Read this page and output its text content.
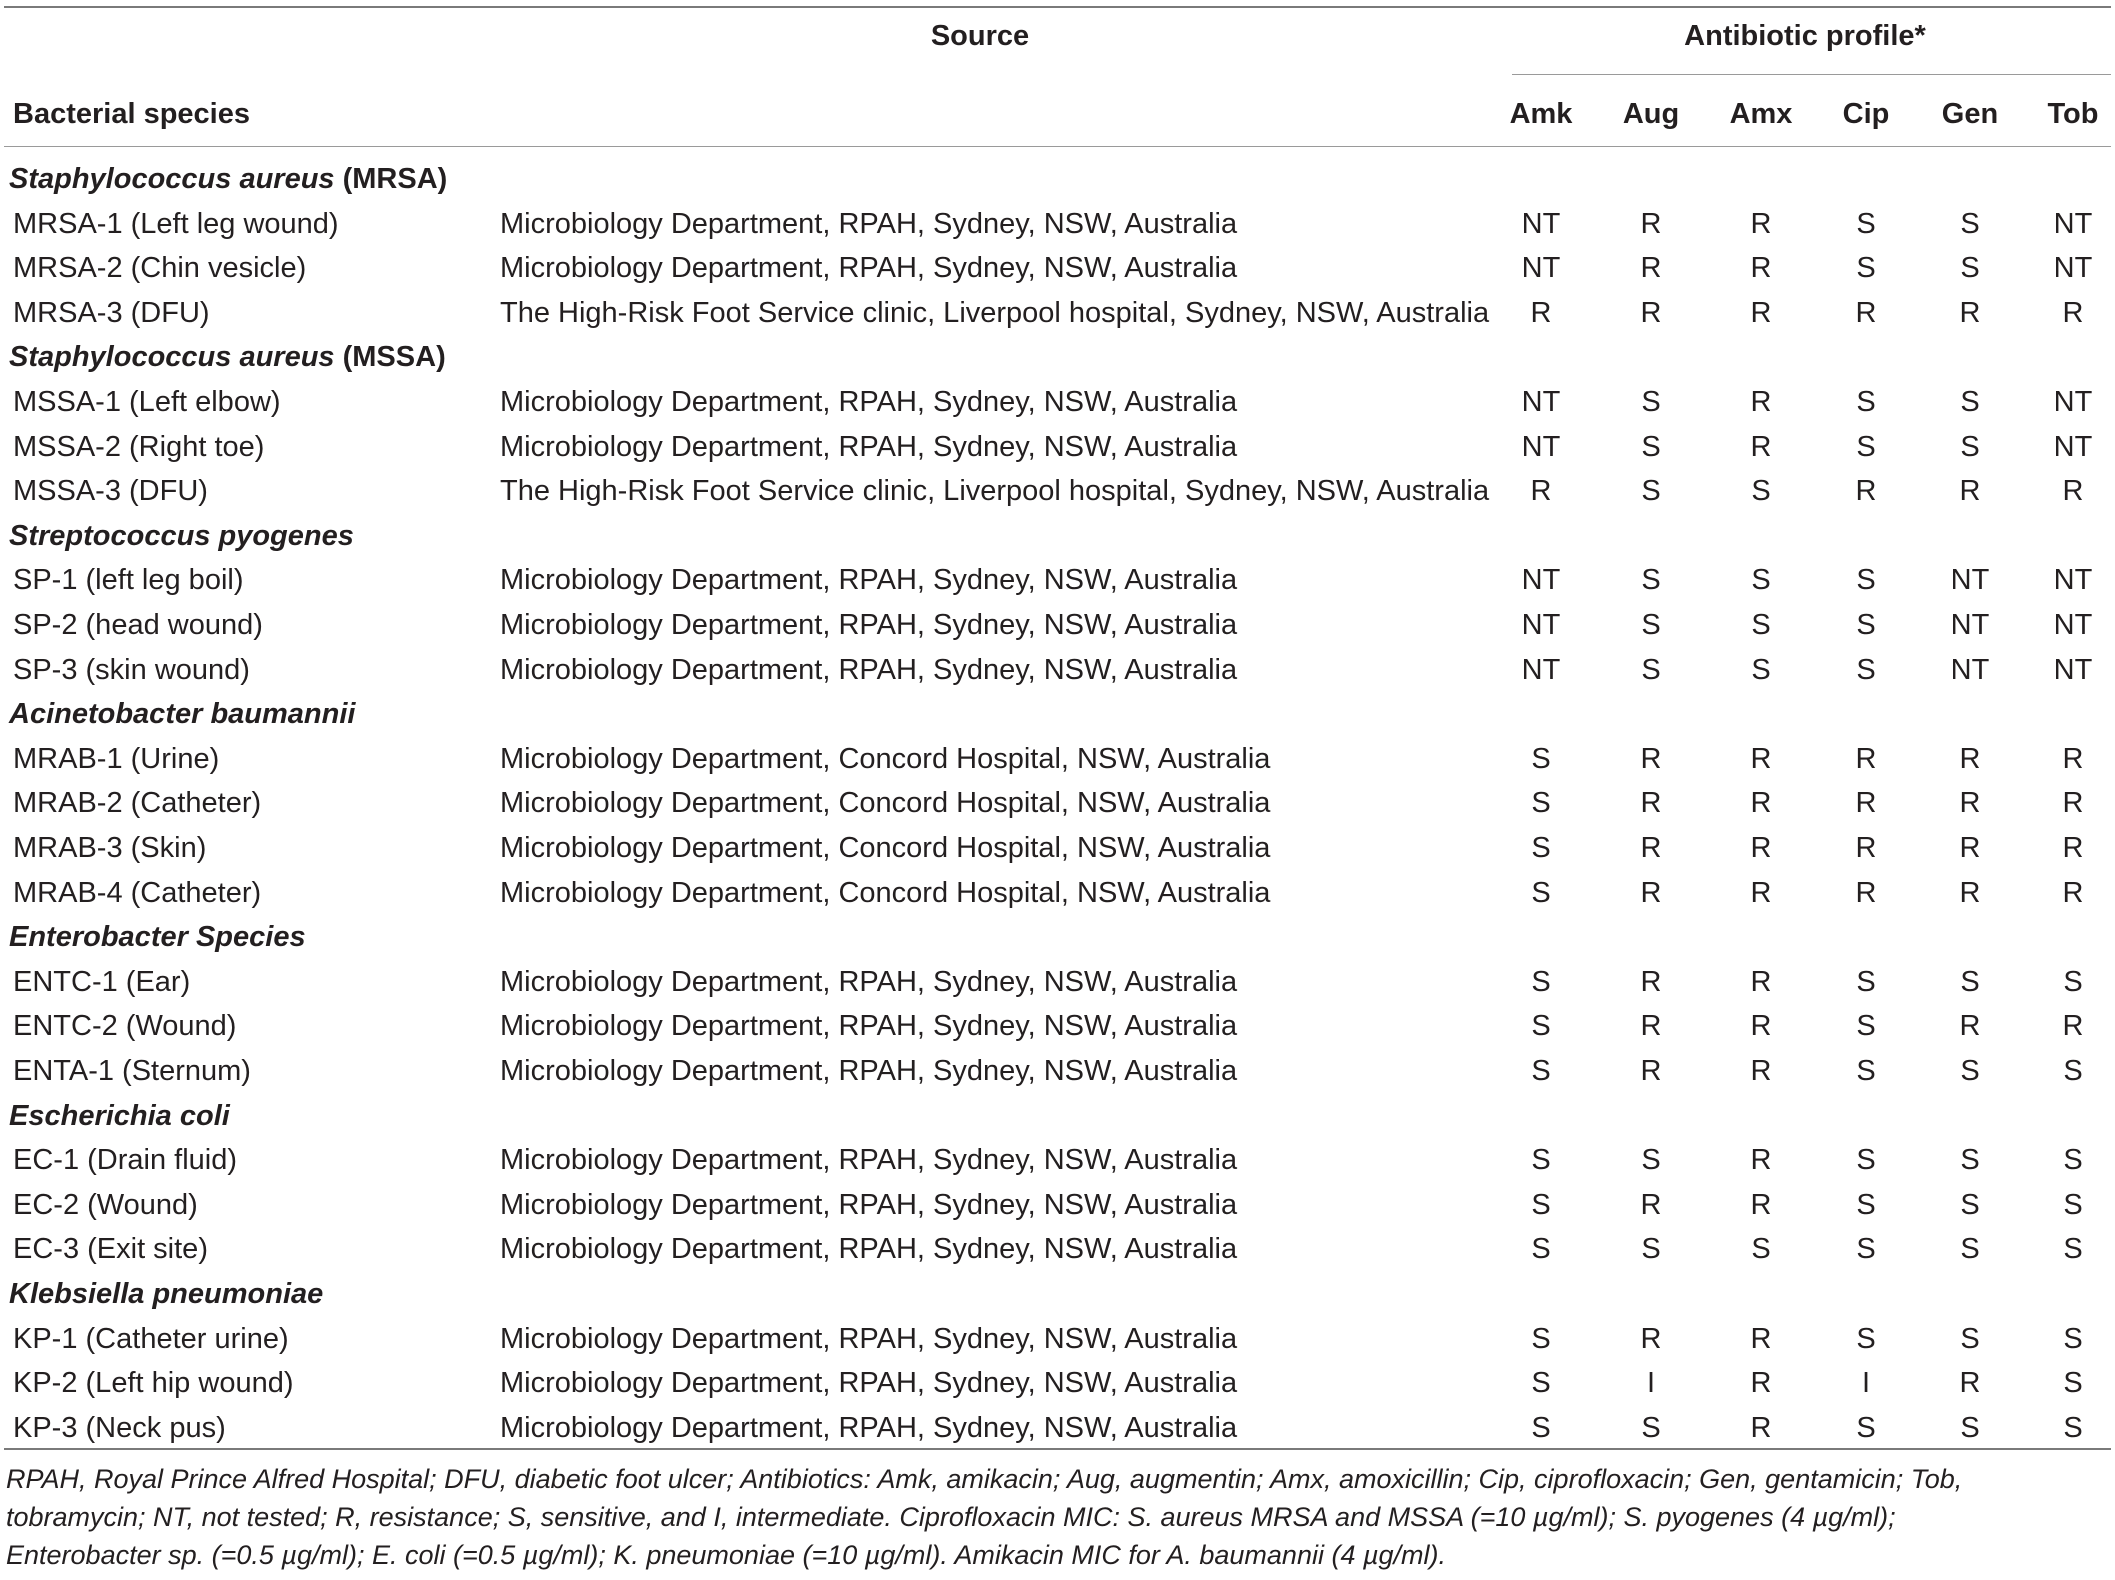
Source	Antibiotic profile*
Bacterial species	Amk Aug Amx Cip Gen Tob
Staphylococcus aureus (MRSA)
MRSA-1 (Left leg wound)	Microbiology Department, RPAH, Sydney, NSW, Australia	NT	R	R	S	S	NT
MRSA-2 (Chin vesicle)	Microbiology Department, RPAH, Sydney, NSW, Australia	NT	R	R	S	S	NT
MRSA-3 (DFU)	The High-Risk Foot Service clinic, Liverpool hospital, Sydney, NSW, Australia R	R	R	R	R	R
Staphylococcus aureus (MSSA)
MSSA-1 (Left elbow)	Microbiology Department, RPAH, Sydney, NSW, Australia	NT	S	R	S	S	NT
MSSA-2 (Right toe)	Microbiology Department, RPAH, Sydney, NSW, Australia	NT	S	R	S	S	NT
MSSA-3 (DFU)	The High-Risk Foot Service clinic, Liverpool hospital, Sydney, NSW, Australia R	S	S	R	R	R
Streptococcus pyogenes
SP-1 (left leg boil)	Microbiology Department, RPAH, Sydney, NSW, Australia	NT	S	S	S	NT NT
SP-2 (head wound)	Microbiology Department, RPAH, Sydney, NSW, Australia	NT	S	S	S	NT NT
SP-3 (skin wound)	Microbiology Department, RPAH, Sydney, NSW, Australia	NT	S	S	S	NT NT
Acinetobacter baumannii
MRAB-1 (Urine)	Microbiology Department, Concord Hospital, NSW, Australia	S	R	R	R	R	R
MRAB-2 (Catheter)	Microbiology Department, Concord Hospital, NSW, Australia	S	R	R	R	R	R
MRAB-3 (Skin)	Microbiology Department, Concord Hospital, NSW, Australia	S	R	R	R	R	R
MRAB-4 (Catheter)	Microbiology Department, Concord Hospital, NSW, Australia	S	R	R	R	R	R
Enterobacter Species
ENTC-1 (Ear)	Microbiology Department, RPAH, Sydney, NSW, Australia	S	R	R	S	S	S
ENTC-2 (Wound)	Microbiology Department, RPAH, Sydney, NSW, Australia	S	R	R	S	R	R
ENTA-1 (Sternum)	Microbiology Department, RPAH, Sydney, NSW, Australia	S	R	R	S	S	S
Escherichia coli
EC-1 (Drain fluid)	Microbiology Department, RPAH, Sydney, NSW, Australia	S	S	R	S	S	S
EC-2 (Wound)	Microbiology Department, RPAH, Sydney, NSW, Australia	S	R	R	S	S	S
EC-3 (Exit site)	Microbiology Department, RPAH, Sydney, NSW, Australia	S	S	S	S	S	S
Klebsiella pneumoniae
KP-1 (Catheter urine)	Microbiology Department, RPAH, Sydney, NSW, Australia	S	R	R	S	S	S
KP-2 (Left hip wound)	Microbiology Department, RPAH, Sydney, NSW, Australia	S	I	R	I	R	S
KP-3 (Neck pus)	Microbiology Department, RPAH, Sydney, NSW, Australia	S	S	R	S	S	S

RPAH, Royal Prince Alfred Hospital; DFU, diabetic foot ulcer; Antibiotics: Amk, amikacin; Aug, augmentin; Amx, amoxicillin; Cip, ciprofloxacin; Gen, gentamicin; Tob,

tobramycin; NT, not tested; R, resistance; S, sensitive, and I, intermediate. Ciprofloxacin MIC: S. aureus MRSA and MSSA (=10 µg/ml); S. pyogenes (4 µg/ml);

Enterobacter sp. (=0.5 µg/ml); E. coli (=0.5 µg/ml); K. pneumoniae (=10 µg/ml). Amikacin MIC for A. baumannii (4 µg/ml).
